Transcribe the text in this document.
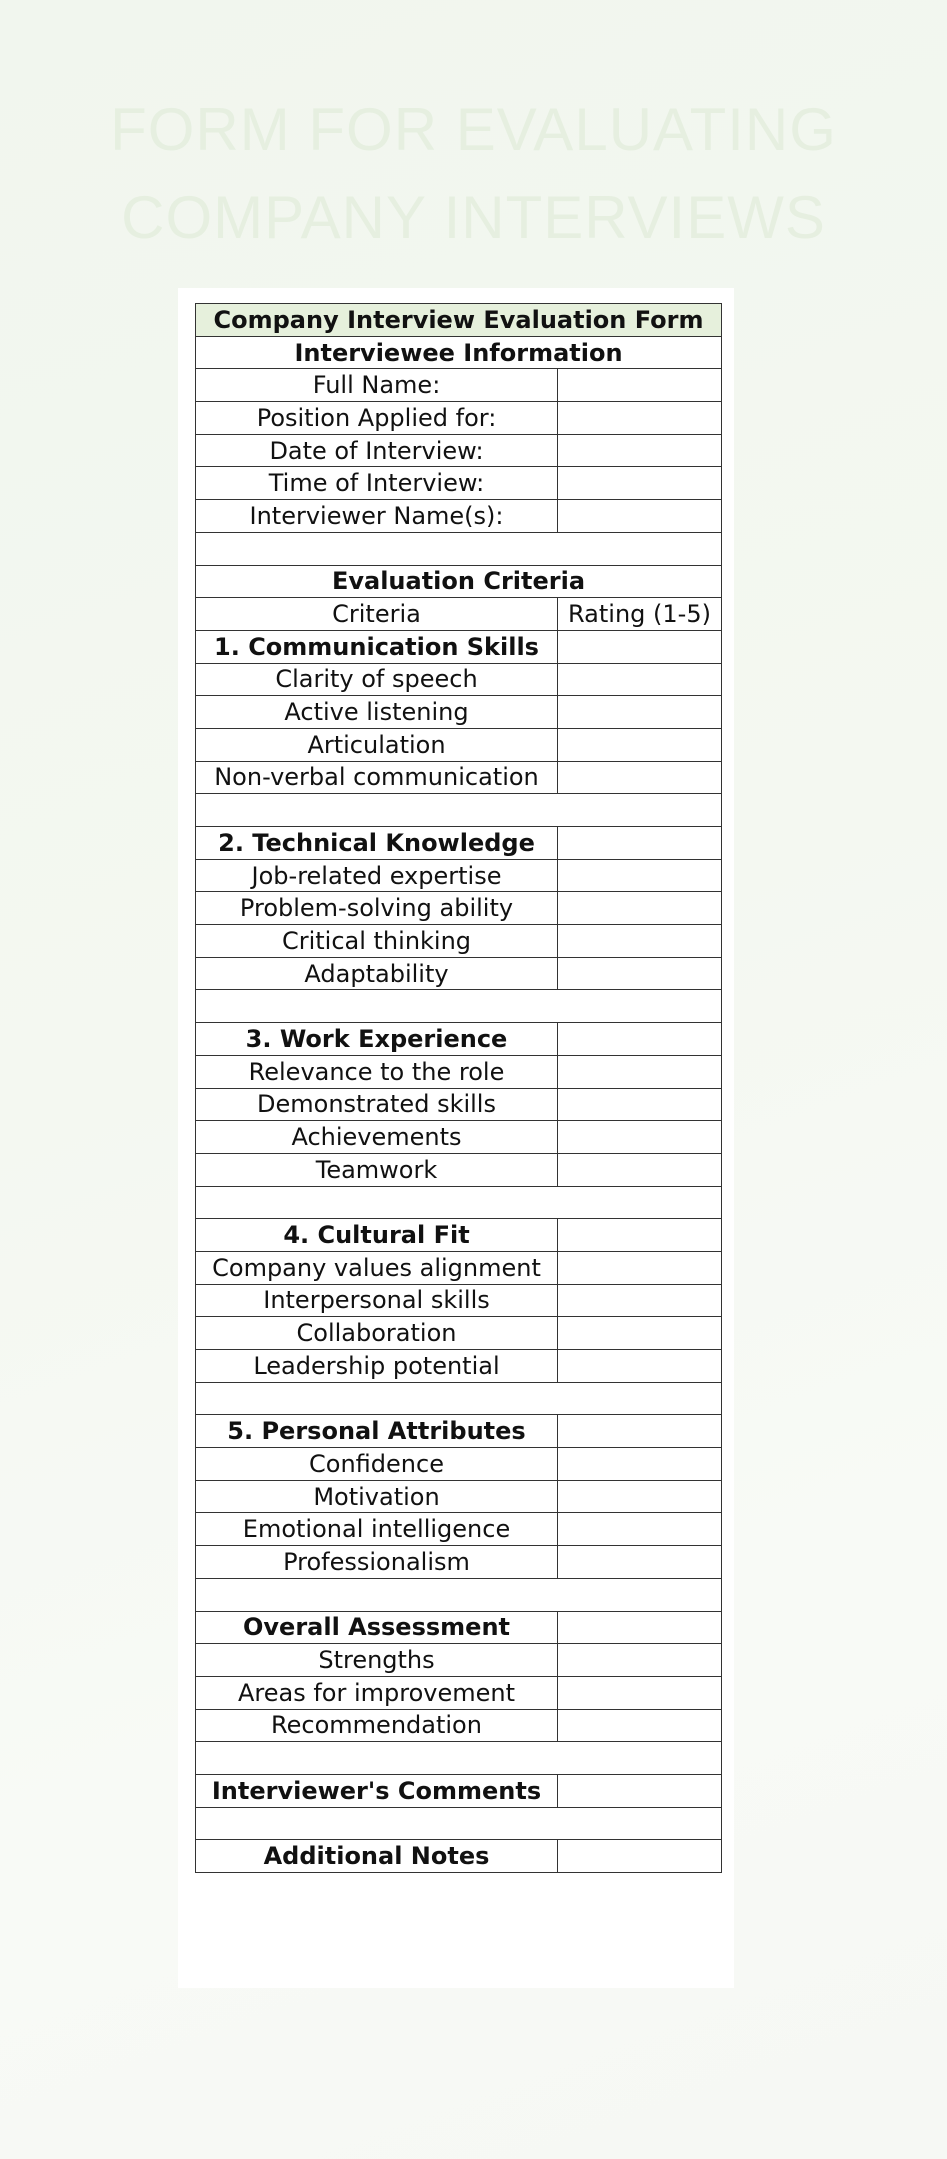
FORM FOR EVALUATING
COMPANY INTERVIEWS
Company Interview Evaluation Form	
Interviewee Information	
Full Name:	
Position Applied for:	
Date of Interview:	
Time of Interview:	
Interviewer Name(s):	

Evaluation Criteria	
Criteria	Rating (1-5)
1. Communication Skills	
Clarity of speech	
Active listening	
Articulation	
Non-verbal communication	

2. Technical Knowledge	
Job-related expertise	
Problem-solving ability	
Critical thinking	
Adaptability	

3. Work Experience	
Relevance to the role	
Demonstrated skills	
Achievements	
Teamwork	

4. Cultural Fit	
Company values alignment	
Interpersonal skills	
Collaboration	
Leadership potential	

5. Personal Attributes	
Confidence	
Motivation	
Emotional intelligence	
Professionalism	

Overall Assessment	
Strengths	
Areas for improvement	
Recommendation	

Interviewer's Comments	

Additional Notes	
